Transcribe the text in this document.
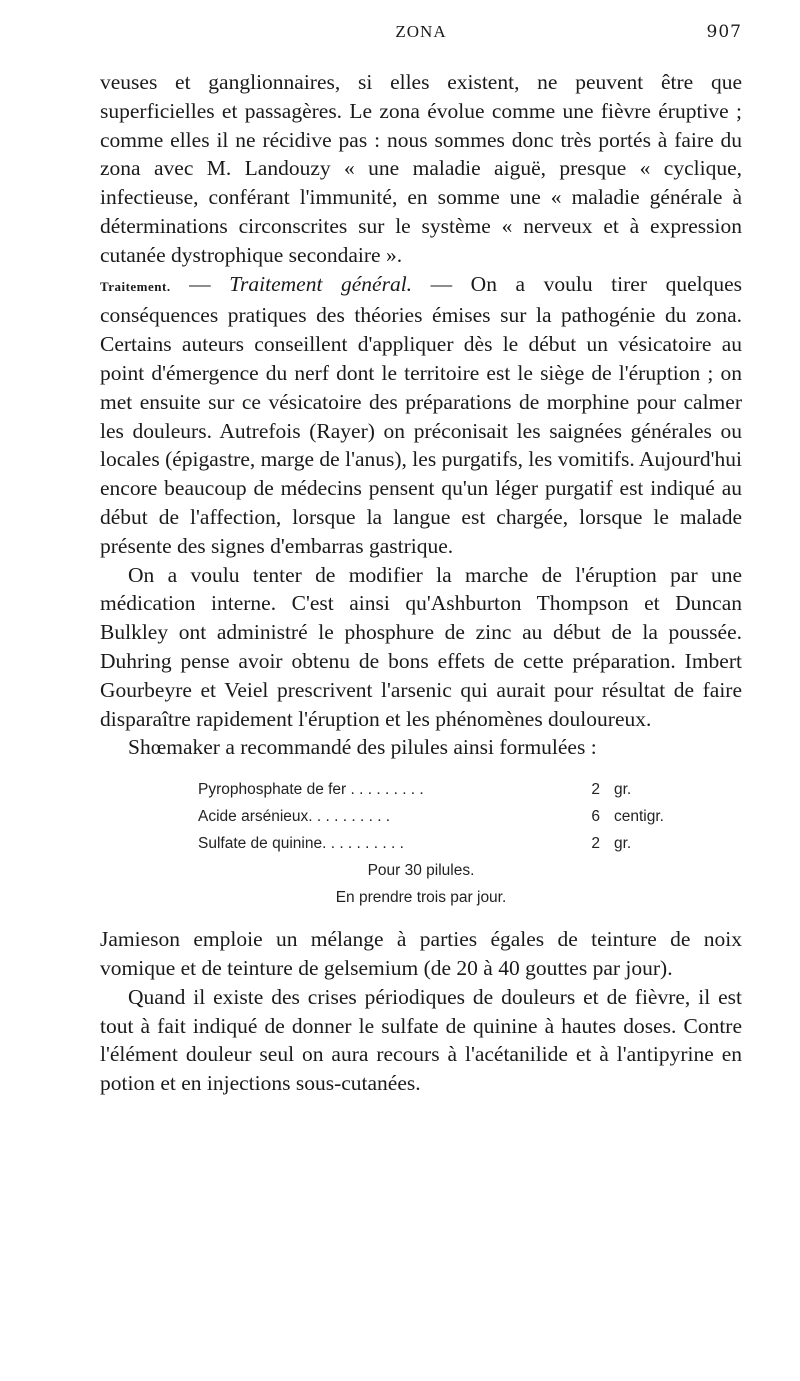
ZONA	907

veuses et ganglionnaires, si elles existent, ne peuvent être que superficielles et passagères. Le zona évolue comme une fièvre éruptive ; comme elles il ne récidive pas : nous sommes donc très portés à faire du zona avec M. Landouzy « une maladie aiguë, presque « cyclique, infectieuse, conférant l'immunité, en somme une « maladie générale à déterminations circonscrites sur le système « nerveux et à expression cutanée dystrophique secondaire ».

Traitement. — Traitement général. — On a voulu tirer quelques conséquences pratiques des théories émises sur la pathogénie du zona. Certains auteurs conseillent d'appliquer dès le début un vésicatoire au point d'émergence du nerf dont le territoire est le siège de l'éruption ; on met ensuite sur ce vésicatoire des préparations de morphine pour calmer les douleurs. Autrefois (Rayer) on préconisait les saignées générales ou locales (épigastre, marge de l'anus), les purgatifs, les vomitifs. Aujourd'hui encore beaucoup de médecins pensent qu'un léger purgatif est indiqué au début de l'affection, lorsque la langue est chargée, lorsque le malade présente des signes d'embarras gastrique.

On a voulu tenter de modifier la marche de l'éruption par une médication interne. C'est ainsi qu'Ashburton Thompson et Duncan Bulkley ont administré le phosphure de zinc au début de la poussée. Duhring pense avoir obtenu de bons effets de cette préparation. Imbert Gourbeyre et Veiel prescrivent l'arsenic qui aurait pour résultat de faire disparaître rapidement l'éruption et les phénomènes douloureux.

Shœmaker a recommandé des pilules ainsi formulées :

Pyrophosphate de fer . . . . . . . . .	2 gr.
Acide arsénieux. . . . . . . . . .	6 centigr.
Sulfate de quinine. . . . . . . . . .	2 gr.
Pour 30 pilules.
En prendre trois par jour.

Jamieson emploie un mélange à parties égales de teinture de noix vomique et de teinture de gelsemium (de 20 à 40 gouttes par jour).

Quand il existe des crises périodiques de douleurs et de fièvre, il est tout à fait indiqué de donner le sulfate de quinine à hautes doses. Contre l'élément douleur seul on aura recours à l'acétanilide et à l'antipyrine en potion et en injections sous-cutanées.
